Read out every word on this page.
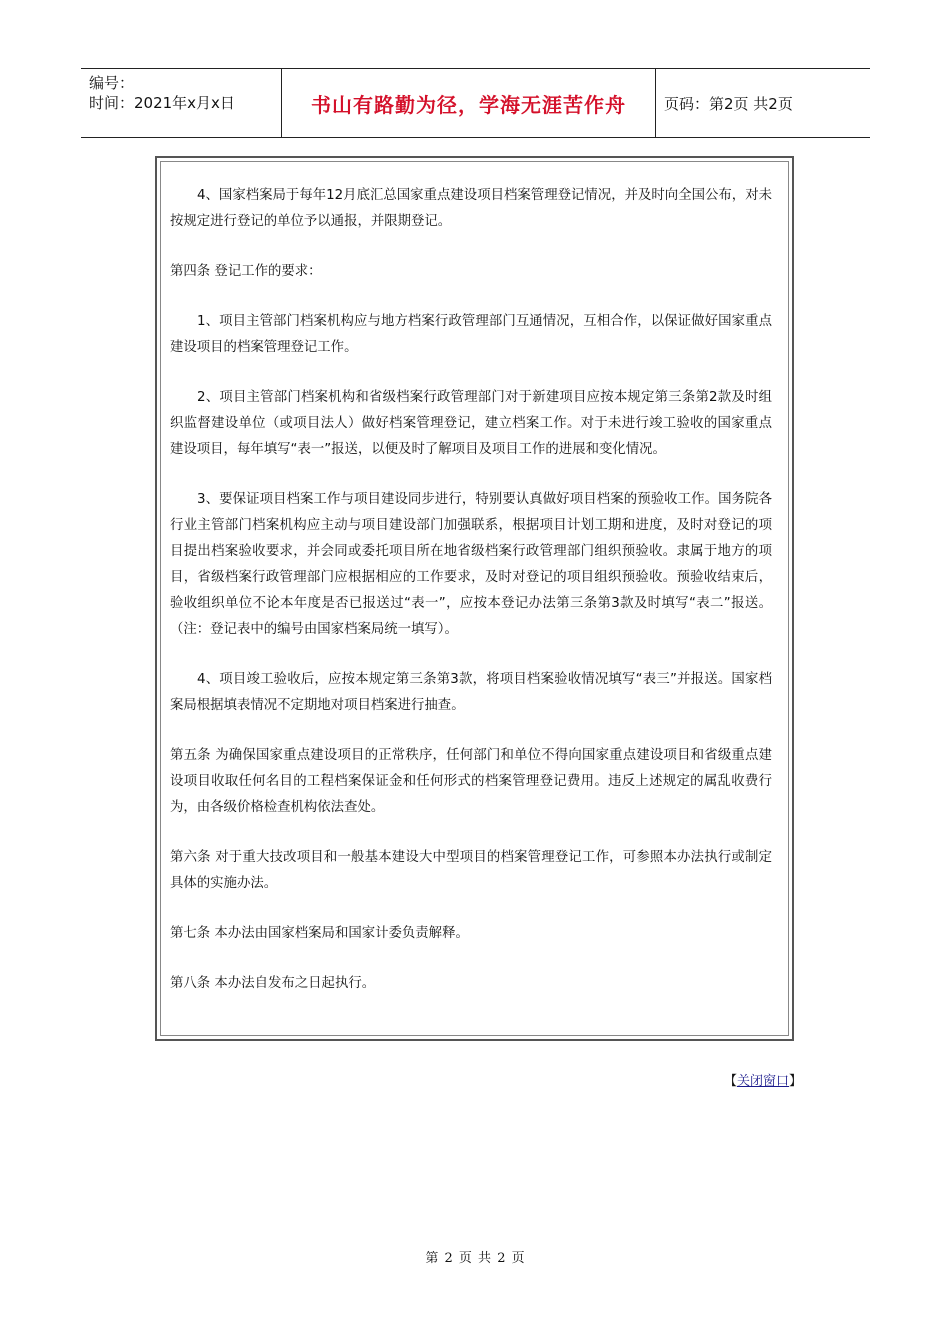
编号：
时间：2021年x月x日	书山有路勤为径，学海无涯苦作舟	页码：第2页 共2页

4、国家档案局于每年12月底汇总国家重点建设项目档案管理登记情况，并及时向全国公布，对未按规定进行登记的单位予以通报，并限期登记。

第四条 登记工作的要求：

1、项目主管部门档案机构应与地方档案行政管理部门互通情况，互相合作，以保证做好国家重点建设项目的档案管理登记工作。

2、项目主管部门档案机构和省级档案行政管理部门对于新建项目应按本规定第三条第2款及时组织监督建设单位（或项目法人）做好档案管理登记，建立档案工作。对于未进行竣工验收的国家重点建设项目，每年填写“表一”报送，以便及时了解项目及项目工作的进展和变化情况。

3、要保证项目档案工作与项目建设同步进行，特别要认真做好项目档案的预验收工作。国务院各行业主管部门档案机构应主动与项目建设部门加强联系，根据项目计划工期和进度，及时对登记的项目提出档案验收要求，并会同或委托项目所在地省级档案行政管理部门组织预验收。隶属于地方的项目，省级档案行政管理部门应根据相应的工作要求，及时对登记的项目组织预验收。预验收结束后，验收组织单位不论本年度是否已报送过“表一”，应按本登记办法第三条第3款及时填写“表二”报送。（注：登记表中的编号由国家档案局统一填写）。

4、项目竣工验收后，应按本规定第三条第3款，将项目档案验收情况填写“表三”并报送。国家档案局根据填表情况不定期地对项目档案进行抽查。

第五条 为确保国家重点建设项目的正常秩序，任何部门和单位不得向国家重点建设项目和省级重点建设项目收取任何名目的工程档案保证金和任何形式的档案管理登记费用。违反上述规定的属乱收费行为，由各级价格检查机构依法查处。

第六条 对于重大技改项目和一般基本建设大中型项目的档案管理登记工作，可参照本办法执行或制定具体的实施办法。

第七条 本办法由国家档案局和国家计委负责解释。

第八条 本办法自发布之日起执行。

【关闭窗口】
第 2 页 共 2 页
